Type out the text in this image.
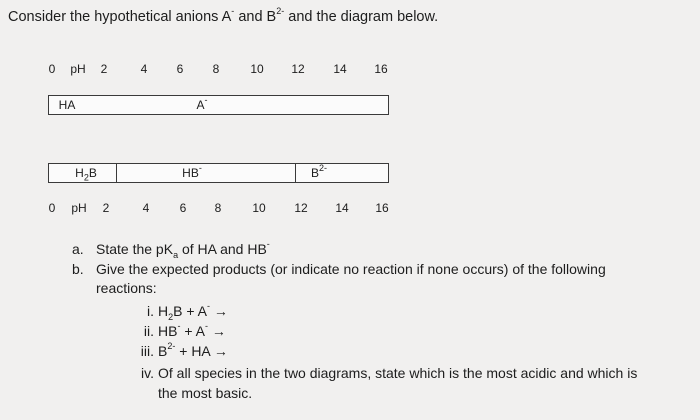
Consider the hypothetical anions A- and $B^{2-}$ and the diagram below.
0 pH 2	4 6 8	10 12 14 16
HA	A-
$H_2B$	HB-	$B^{2-}$
0 pH 2	4	6 8	10 12 14 16
a. State the $pK_a$ of HA and HB-
b. Give the expected products (or indicate no reaction if none occurs) of the following
reactions:
i. $H_2B + A^-$ →
ii. HB- + A- →
iii. $B^{2-}$ + HA →
iv. Of all species in the two diagrams, state which is the most acidic and which is
the most basic.
